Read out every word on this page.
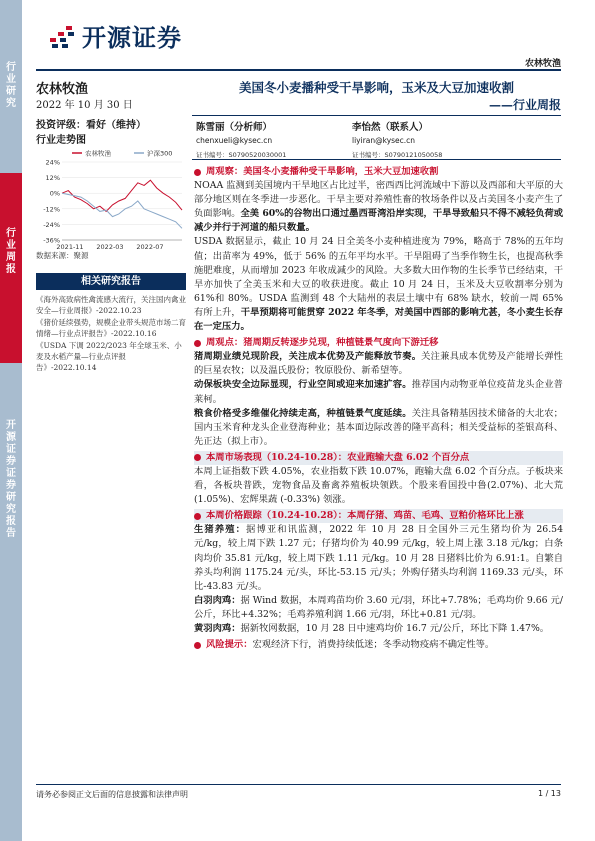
行业研究
行业周报
开源证券 证券研究报告
开源证券
农林牧渔
农林牧渔
2022 年 10 月 30 日
投资评级：看好（维持）
行业走势图
24%
12%
0%
-12%
-24%
-36%
2021-11 2022-03 2022-07
农林牧渔	沪深300
数据来源：聚源
相关研究报告
《海外高致病性禽流感大流行，关注国内禽业安全—行业周报》-2022.10.23
《猪价延续强势，规模企业带头规范市场二育情绪—行业点评报告》-2022.10.16
《USDA 下调 2022/2023 年全球玉米、小麦及水稻产量—行业点评报告》-2022.10.14
美国冬小麦播种受干旱影响，玉米及大豆加速收割
——行业周报
陈雪丽（分析师）
chenxueli@kysec.cn
证书编号：S0790520030001
李怡然（联系人）
liyiran@kysec.cn
证书编号：S0790121050058
周观察：美国冬小麦播种受干旱影响，玉米大豆加速收割
NOAA 监测到美国境内干旱地区占比过半，密西西比河流域中下游以及西部和大平原的大部分地区则在冬季进一步恶化。干旱主要对养殖性畜的牧场条件以及占美国冬小麦产生了负面影响。全美 60%的谷物出口通过墨西哥湾沿岸实现，干旱导致船只不得不减轻负荷或减少并行于河道的船只数量。
USDA 数据显示，截止 10 月 24 日全美冬小麦种植进度为 79%，略高于 78%的五年均值；出苗率为 49%，低于 56% 的五年平均水平。干旱阻碍了当季作物生长，也提高秋季施肥难度，从而增加 2023 年收成减少的风险。大多数大田作物的生长季节已经结束，干旱亦加快了全美玉米和大豆的收获进度。截止 10 月 24 日，玉米及大豆收割率分别为 61%和 80%。USDA 监测到 48 个大陆州的表层土壤中有 68% 缺水，较前一周 65% 有所上升，干旱预期将可能贯穿 2022 年冬季，对美国中西部的影响尤甚，冬小麦生长存在一定压力。
周观点：猪周期反转逐步兑现，种植链景气度向下游迁移
猪周期业绩兑现阶段，关注成本优势及产能释放节奏。关注兼具成本优势及产能增长弹性的巨星农牧；以及温氏股份；牧原股份、新希望等。
动保板块安全边际显现，行业空间或迎来加速扩容。推荐国内动物亚单位疫苗龙头企业普莱柯。
粮食价格受多维催化持续走高，种植链景气度延续。关注具备精基因技术储备的大北农；国内玉米育种龙头企业登海种业；基本面边际改善的隆平高科；相关受益标的荃银高科、先正达（拟上市）。
本周市场表现（10.24-10.28）：农业跑输大盘 6.02 个百分点
本周上证指数下跌 4.05%，农业指数下跌 10.07%，跑输大盘 6.02 个百分点。子板块来看，各板块普跌，宠物食品及畜禽养殖板块领跌。个股来看国投中鲁(2.07%)、北大荒 (1.05%)、宏辉果蔬 (-0.33%) 领涨。
本周价格跟踪（10.24-10.28）：本周仔猪、鸡苗、毛鸡、豆粕价格环比上涨
生猪养殖：据博亚和讯监测，2022 年 10 月 28 日全国外三元生猪均价为 26.54 元/kg，较上周下跌 1.27 元；仔猪均价为 40.99 元/kg，较上周上涨 3.18 元/kg；白条肉均价 35.81 元/kg，较上周下跌 1.11 元/kg。10 月 28 日猪料比价为 6.91:1。自繁自养头均利润 1175.24 元/头，环比-53.15 元/头；外购仔猪头均利润 1169.33 元/头，环比-43.83 元/头。
白羽肉鸡：据 Wind 数据，本周鸡苗均价 3.60 元/羽，环比+7.78%；毛鸡均价 9.66 元/公斤，环比+4.32%；毛鸡养殖利润 1.66 元/羽，环比+0.81 元/羽。
黄羽肉鸡：据新牧网数据，10 月 28 日中速鸡均价 16.7 元/公斤，环比下降 1.47%。
风险提示：宏观经济下行，消费持续低迷；冬季动物疫病不确定性等。
请务必参阅正文后面的信息披露和法律声明	1 / 13
